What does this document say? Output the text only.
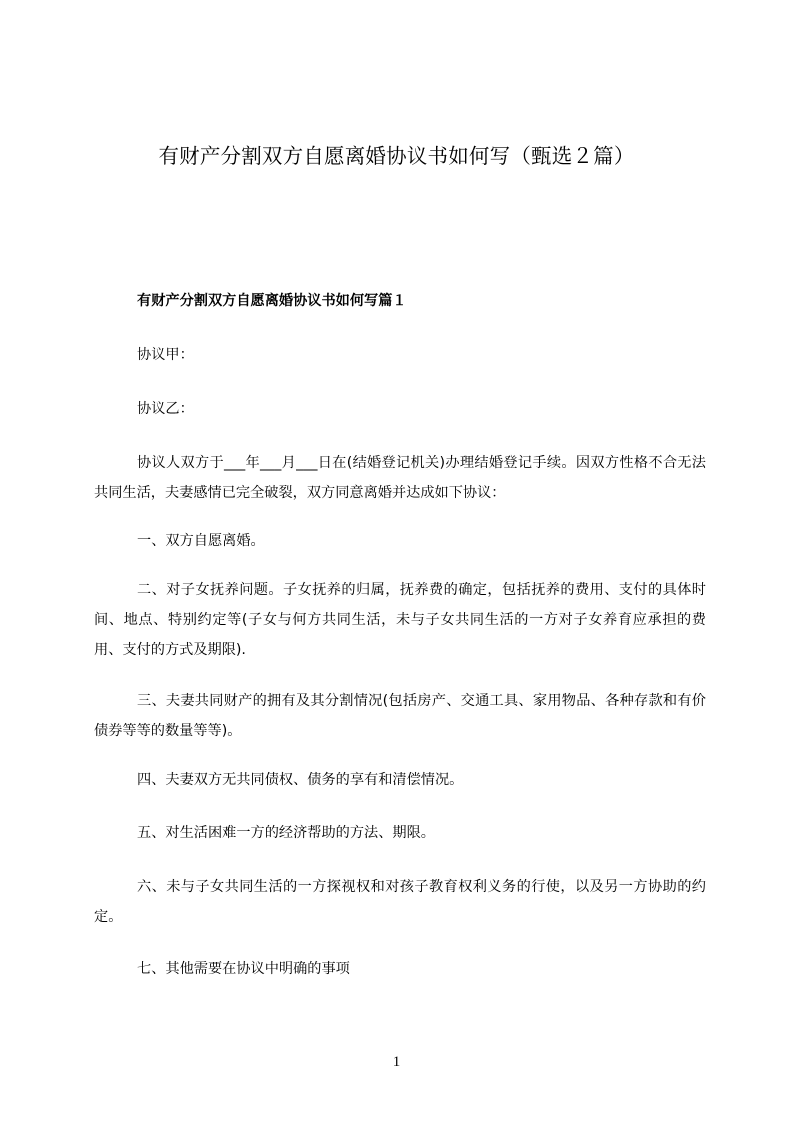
有财产分割双方自愿离婚协议书如何写（甄选２篇）
有财产分割双方自愿离婚协议书如何写篇１
协议甲：
协议乙：
协议人双方于___年___月___日在(结婚登记机关)办理结婚登记手续。因双方性格不合无法共同生活，夫妻感情已完全破裂，双方同意离婚并达成如下协议：
一、双方自愿离婚。
二、对子女抚养问题。子女抚养的归属，抚养费的确定，包括抚养的费用、支付的具体时间、地点、特别约定等(子女与何方共同生活，未与子女共同生活的一方对子女养育应承担的费用、支付的方式及期限).
三、夫妻共同财产的拥有及其分割情况(包括房产、交通工具、家用物品、各种存款和有价债券等等的数量等等)。
四、夫妻双方无共同债权、债务的享有和清偿情况。
五、对生活困难一方的经济帮助的方法、期限。
六、未与子女共同生活的一方探视权和对孩子教育权利义务的行使，以及另一方协助的约定。
七、其他需要在协议中明确的事项
1
